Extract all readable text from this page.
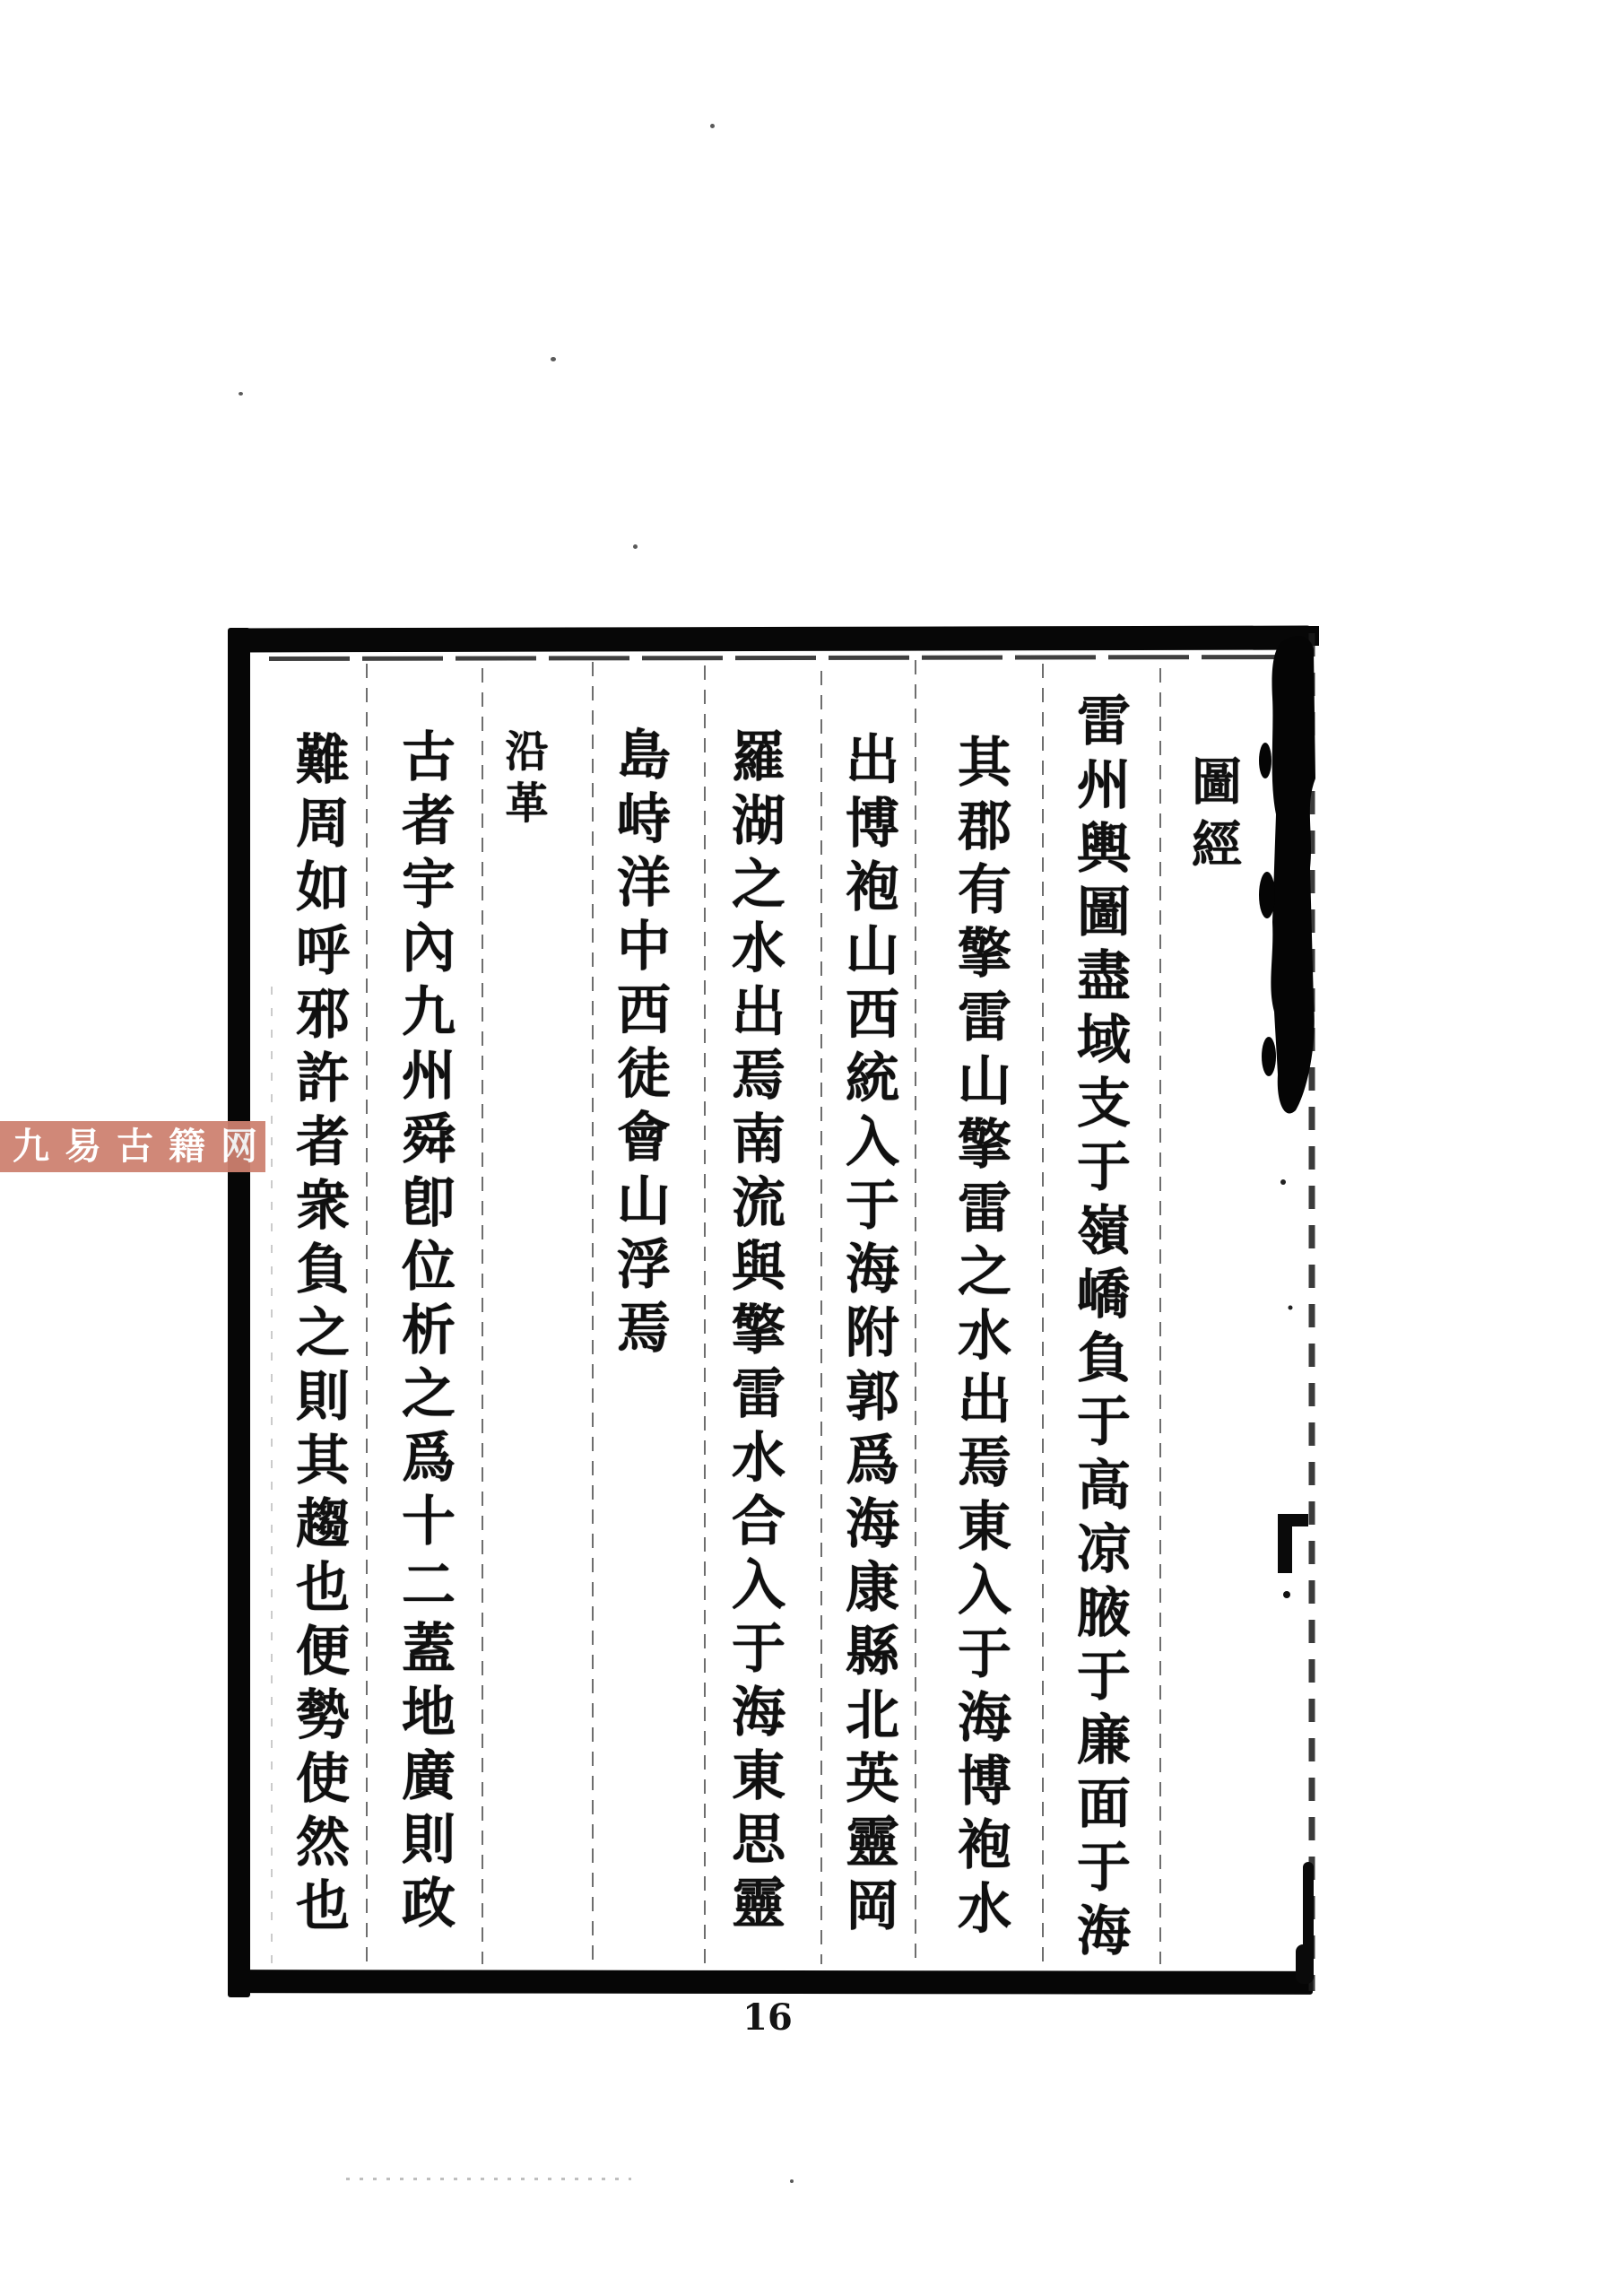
圖經
雷州輿圖盡域支于嶺嶠負于高凉腋于廉面于海
其郡有擎雷山擎雷之水出焉東入于海博袍水
出博袍山西統入于海附郭爲海康縣北英靈岡
羅湖之水出焉南流與擎雷水合入于海東思靈
島峙洋中西徒會山浮焉
沿革
古者宇內九州舜卽位析之爲十二蓋地廣則政
難周如呼邪許者衆負之則其趨也便勢使然也
九易古籍网
16
